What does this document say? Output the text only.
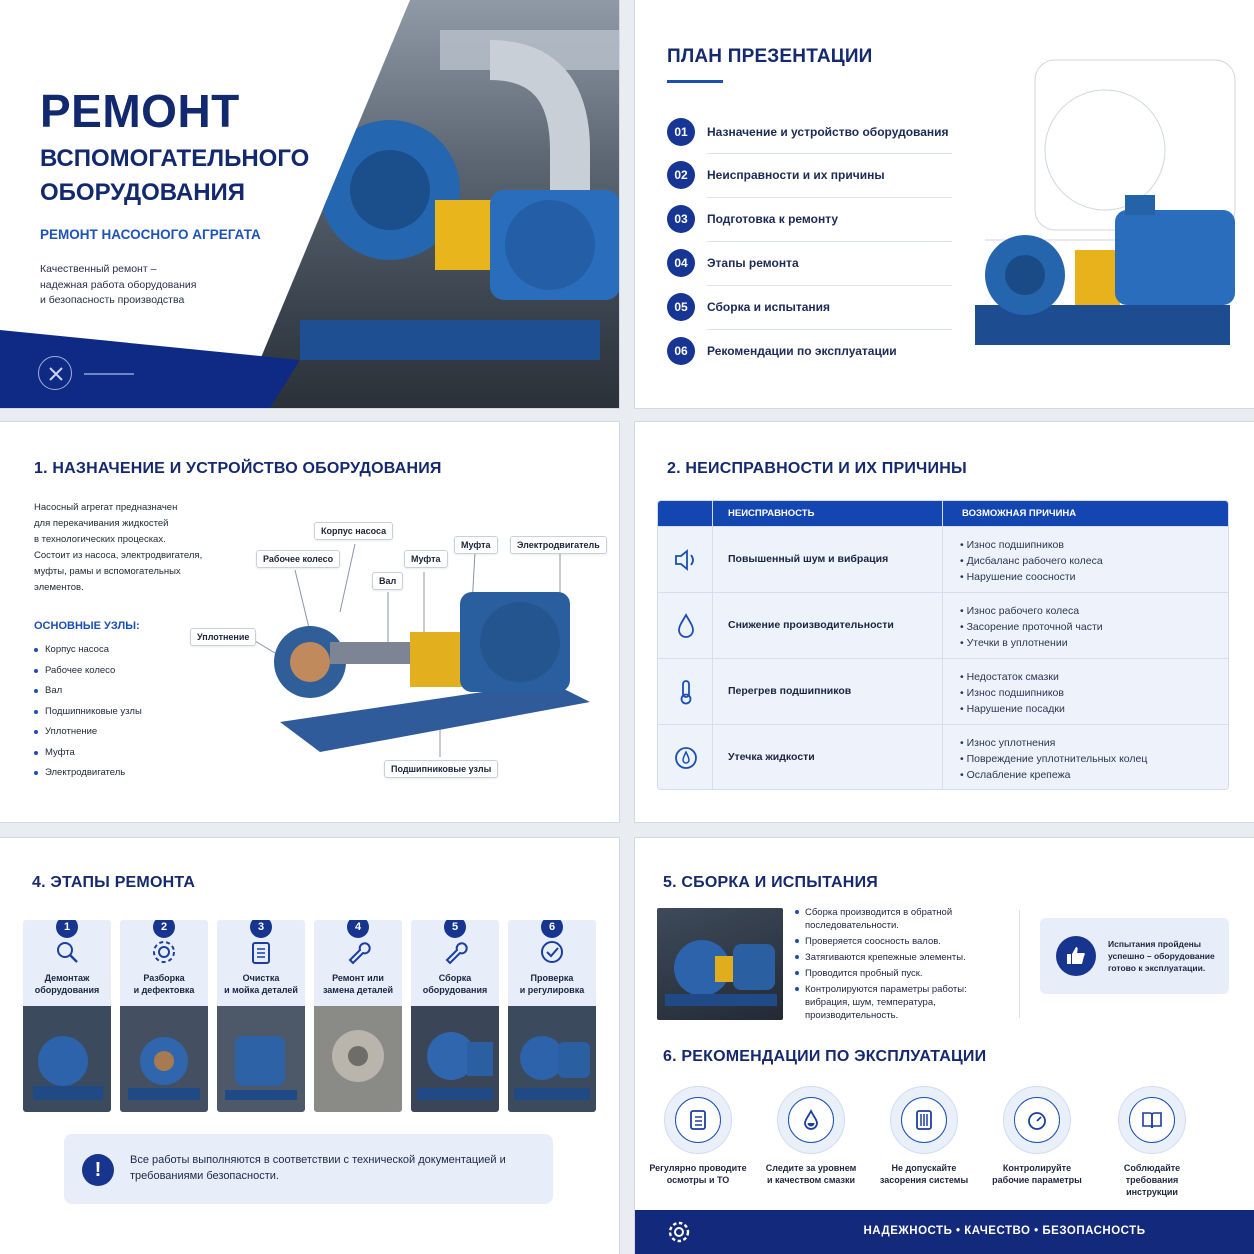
РЕМОНТ
ВСПОМОГАТЕЛЬНОГО
ОБОРУДОВАНИЯ
РЕМОНТ НАСОСНОГО АГРЕГАТА
Качественный ремонт –
надежная работа оборудования
и безопасность производства
ПЛАН ПРЕЗЕНТАЦИИ
01	Назначение и устройство оборудования
02	Неисправности и их причины
03	Подготовка к ремонту
04	Этапы ремонта
05	Сборка и испытания
06	Рекомендации по эксплуатации
1. НАЗНАЧЕНИЕ И УСТРОЙСТВО ОБОРУДОВАНИЯ
Насосный агрегат предназначен
для перекачивания жидкостей
в технологических процесках.
Состоит из насоса, электродвигателя,
муфты, рамы и вспомогательных
элементов.
ОСНОВНЫЕ УЗЛЫ:
Корпус насоса
Рабочее колесо
Вал
Подшипниковые узлы
Уплотнение
Муфта
Электродвигатель
Корпус насоса
Рабочее колесо
Вал
Муфта
Муфта	Электродвигатель
Уплотнение
Подшипниковые узлы
2. НЕИСПРАВНОСТИ И ИХ ПРИЧИНЫ
НЕИСПРАВНОСТЬ	ВОЗМОЖНАЯ ПРИЧИНА
Повышенный шум и вибрация
• Износ подшипников
• Дисбаланс рабочего колеса
• Нарушение соосности
Снижение производительности
• Износ рабочего колеса
• Засорение проточной части
• Утечки в уплотнении
Перегрев подшипников
• Недостаток смазки
• Износ подшипников
• Нарушение посадки
Утечка жидкости
• Износ уплотнения
• Повреждение уплотнительных колец
• Ослабление крепежа
4. ЭТАПЫ РЕМОНТА
1
Демонтаж
оборудования
2
Разборка
и дефектовка
3
Очистка
и мойка деталей
4
Ремонт или
замена деталей
5
Сборка
оборудования
6
Проверка
и регулировка
!	Все работы выполняются в соответствии с технической документацией и требованиями безопасности.
5. СБОРКА И ИСПЫТАНИЯ
Сборка производится в обратной последовательности.
Проверяется соосность валов.
Затягиваются крепежные элементы.
Проводится пробный пуск.
Контролируются параметры работы: вибрация, шум, температура, производительность.
Испытания пройдены успешно – оборудование готово к эксплуатации.
6. РЕКОМЕНДАЦИИ ПО ЭКСПЛУАТАЦИИ
Регулярно проводите
осмотры и ТО
Следите за уровнем
и качеством смазки
Не допускайте
засорения системы
Контролируйте
рабочие параметры
Соблюдайте требования
инструкции
НАДЕЖНОСТЬ • КАЧЕСТВО • БЕЗОПАСНОСТЬ
